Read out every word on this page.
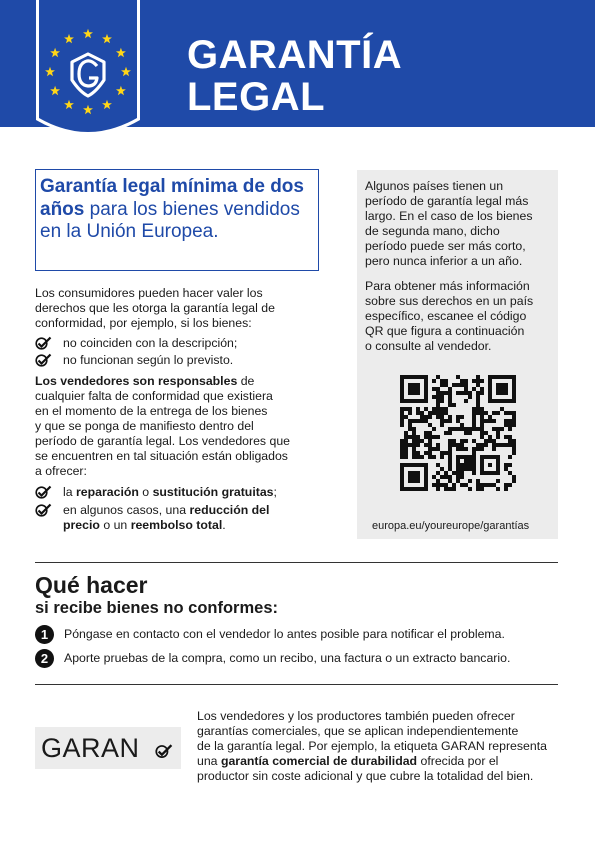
GARANTÍA
LEGAL
Garantía legal mínima de dos años para los bienes vendidos en la Unión Europea.
Los consumidores pueden hacer valer los
derechos que les otorga la garantía legal de
conformidad, por ejemplo, si los bienes:
no coinciden con la descripción;
no funcionan según lo previsto.
Los vendedores son responsables de
cualquier falta de conformidad que existiera
en el momento de la entrega de los bienes
y que se ponga de manifiesto dentro del
período de garantía legal. Los vendedores que
se encuentren en tal situación están obligados
a ofrecer:
la reparación o sustitución gratuitas;
en algunos casos, una reducción del
precio o un reembolso total.
Algunos países tienen un
período de garantía legal más
largo. En el caso de los bienes
de segunda mano, dicho
período puede ser más corto,
pero nunca inferior a un año.
Para obtener más información
sobre sus derechos en un país
específico, escanee el código
QR que figura a continuación
o consulte al vendedor.
europa.eu/youreurope/garantías
Qué hacer
si recibe bienes no conformes:
1	Póngase en contacto con el vendedor lo antes posible para notificar el problema.
2	Aporte pruebas de la compra, como un recibo, una factura o un extracto bancario.
GARAN
Los vendedores y los productores también pueden ofrecer
garantías comerciales, que se aplican independientemente
de la garantía legal. Por ejemplo, la etiqueta GARAN representa
una garantía comercial de durabilidad ofrecida por el
productor sin coste adicional y que cubre la totalidad del bien.
